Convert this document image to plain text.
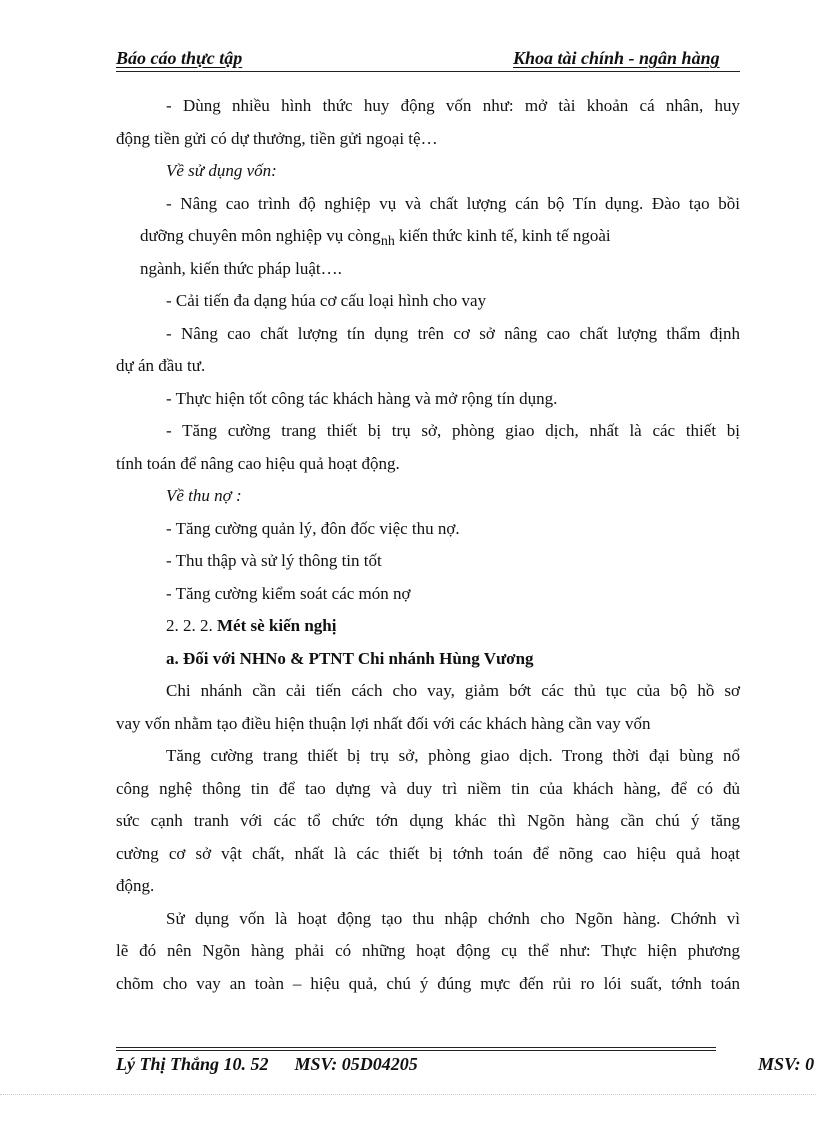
Báo cáo thực tập	Khoa tài chính - ngân hàng
- Dùng nhiều hình thức huy động vốn như: mở tài khoản cá nhân, huy
động tiền gửi có dự thưởng, tiền gửi ngoại tệ…
Về sử dụng vốn:
- Nâng cao trình độ nghiệp vụ và chất lượng cán bộ Tín dụng. Đào tạo bồi
dưỡng chuyên môn nghiệp vụ còng $_{nh}$ kiến thức kinh tế, kinh tế ngoài
ngành, kiến thức pháp luật….
- Cải tiến đa dạng húa cơ cấu loại hình cho vay
- Nâng cao chất lượng tín dụng trên cơ sở nâng cao chất lượng thẩm định
dự án đầu tư.
- Thực hiện tốt công tác khách hàng và mở rộng tín dụng.
- Tăng cường trang thiết bị trụ sở, phòng giao dịch, nhất là các thiết bị
tính toán để nâng cao hiệu quả hoạt động.
Về thu nợ :
- Tăng cường quản lý, đôn đốc việc thu nợ.
- Thu thập và sử lý thông tin tốt
- Tăng cường kiểm soát các món nợ
2. 2. 2. Mét sè kiến nghị
a. Đối với NHNo & PTNT Chi nhánh Hùng Vương
Chi nhánh cần cải tiến cách cho vay, giảm bớt các thủ tục của bộ hồ sơ
vay vốn nhằm tạo điều hiện thuận lợi nhất đối với các khách hàng cần vay vốn
Tăng cường trang thiết bị trụ sở, phòng giao dịch. Trong thời đại bùng nổ
công nghệ thông tin để tao dựng và duy trì niềm tin của khách hàng, để có đủ
sức cạnh tranh với các tổ chức tớn dụng khác thì Ngõn hàng cần chú ý tăng
cường cơ sở vật chất, nhất là các thiết bị tớnh toán để nõng cao hiệu quả hoạt
động.
Sử dụng vốn là hoạt động tạo thu nhập chớnh cho Ngõn hàng. Chớnh vì
lẽ đó nên Ngõn hàng phải có những hoạt động cụ thể như: Thực hiện phương
chõm cho vay an toàn – hiệu quả, chú ý đúng mực đến rủi ro lói suất, tớnh toán
Lý Thị Thắng 10. 52 MSV: 05D04205	MSV: 0
